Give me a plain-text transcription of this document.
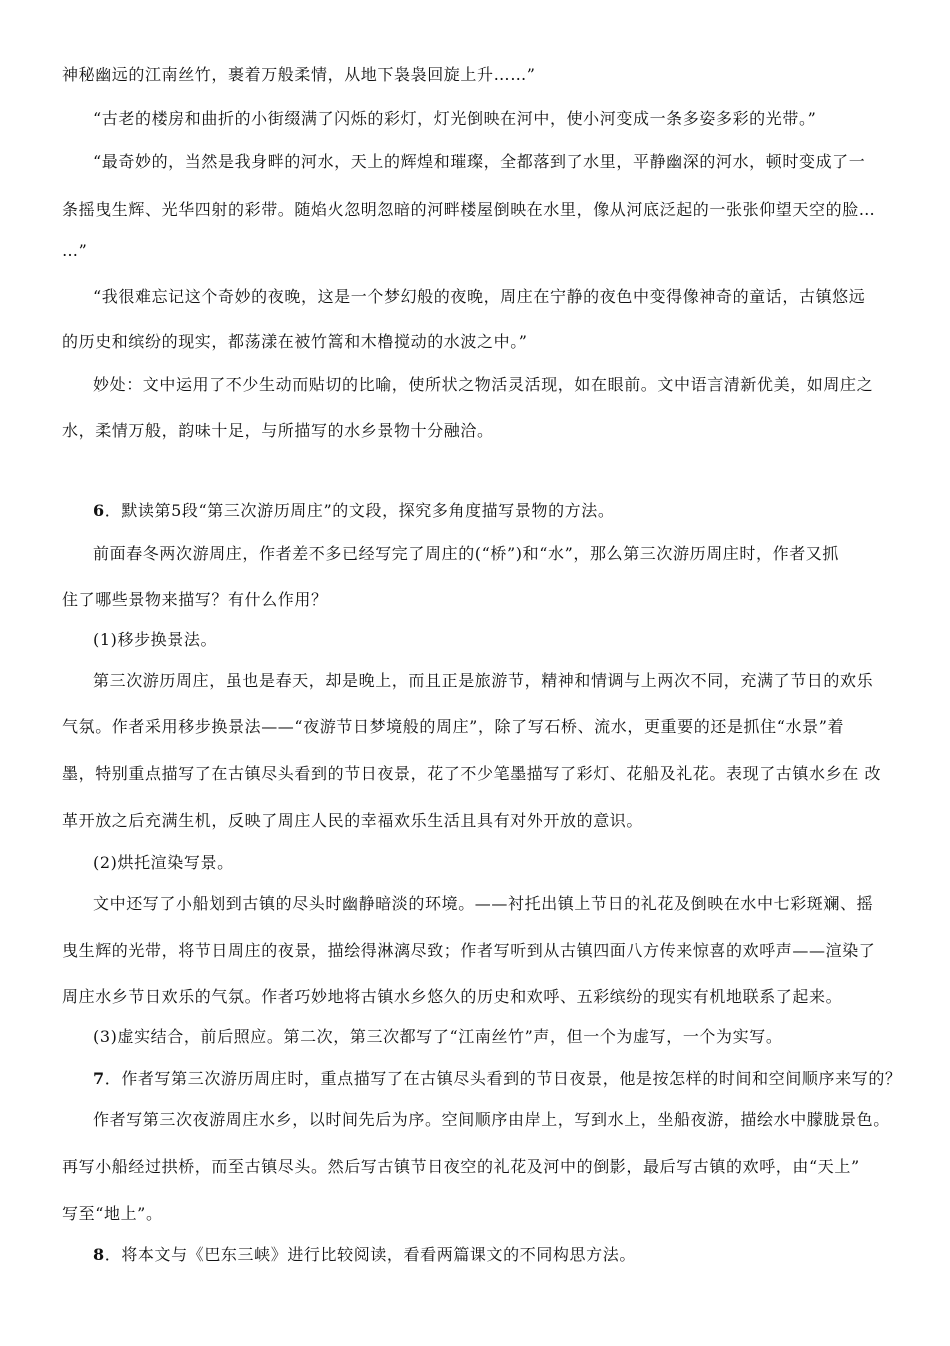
神秘幽远的江南丝竹，裹着万般柔情，从地下袅袅回旋上升……”
“古老的楼房和曲折的小街缀满了闪烁的彩灯，灯光倒映在河中，使小河变成一条多姿多彩的光带。”
“最奇妙的，当然是我身畔的河水，天上的辉煌和璀璨，全都落到了水里，平静幽深的河水，顿时变成了一
条摇曳生辉、光华四射的彩带。随焰火忽明忽暗的河畔楼屋倒映在水里，像从河底泛起的一张张仰望天空的脸…
…”
“我很难忘记这个奇妙的夜晚，这是一个梦幻般的夜晚，周庄在宁静的夜色中变得像神奇的童话，古镇悠远
的历史和缤纷的现实，都荡漾在被竹篙和木橹搅动的水波之中。”
妙处：文中运用了不少生动而贴切的比喻，使所状之物活灵活现，如在眼前。文中语言清新优美，如周庄之
水，柔情万般，韵味十足，与所描写的水乡景物十分融洽。
6．默读第5段“第三次游历周庄”的文段，探究多角度描写景物的方法。
前面春冬两次游周庄，作者差不多已经写完了周庄的(“桥”)和“水”，那么第三次游历周庄时，作者又抓
住了哪些景物来描写？有什么作用？
(1)移步换景法。
第三次游历周庄，虽也是春天，却是晚上，而且正是旅游节，精神和情调与上两次不同，充满了节日的欢乐
气氛。作者采用移步换景法——“夜游节日梦境般的周庄”，除了写石桥、流水，更重要的还是抓住“水景”着
墨，特别重点描写了在古镇尽头看到的节日夜景，花了不少笔墨描写了彩灯、花船及礼花。表现了古镇水乡在 改
革开放之后充满生机，反映了周庄人民的幸福欢乐生活且具有对外开放的意识。
(2)烘托渲染写景。
文中还写了小船划到古镇的尽头时幽静暗淡的环境。——衬托出镇上节日的礼花及倒映在水中七彩斑斓、摇
曳生辉的光带，将节日周庄的夜景，描绘得淋漓尽致；作者写听到从古镇四面八方传来惊喜的欢呼声——渲染了
周庄水乡节日欢乐的气氛。作者巧妙地将古镇水乡悠久的历史和欢呼、五彩缤纷的现实有机地联系了起来。
(3)虚实结合，前后照应。第二次，第三次都写了“江南丝竹”声，但一个为虚写，一个为实写。
7．作者写第三次游历周庄时，重点描写了在古镇尽头看到的节日夜景，他是按怎样的时间和空间顺序来写的？
作者写第三次夜游周庄水乡，以时间先后为序。空间顺序由岸上，写到水上，坐船夜游，描绘水中朦胧景色。
再写小船经过拱桥，而至古镇尽头。然后写古镇节日夜空的礼花及河中的倒影，最后写古镇的欢呼，由“天上”
写至“地上”。
8．将本文与《巴东三峡》进行比较阅读，看看两篇课文的不同构思方法。
